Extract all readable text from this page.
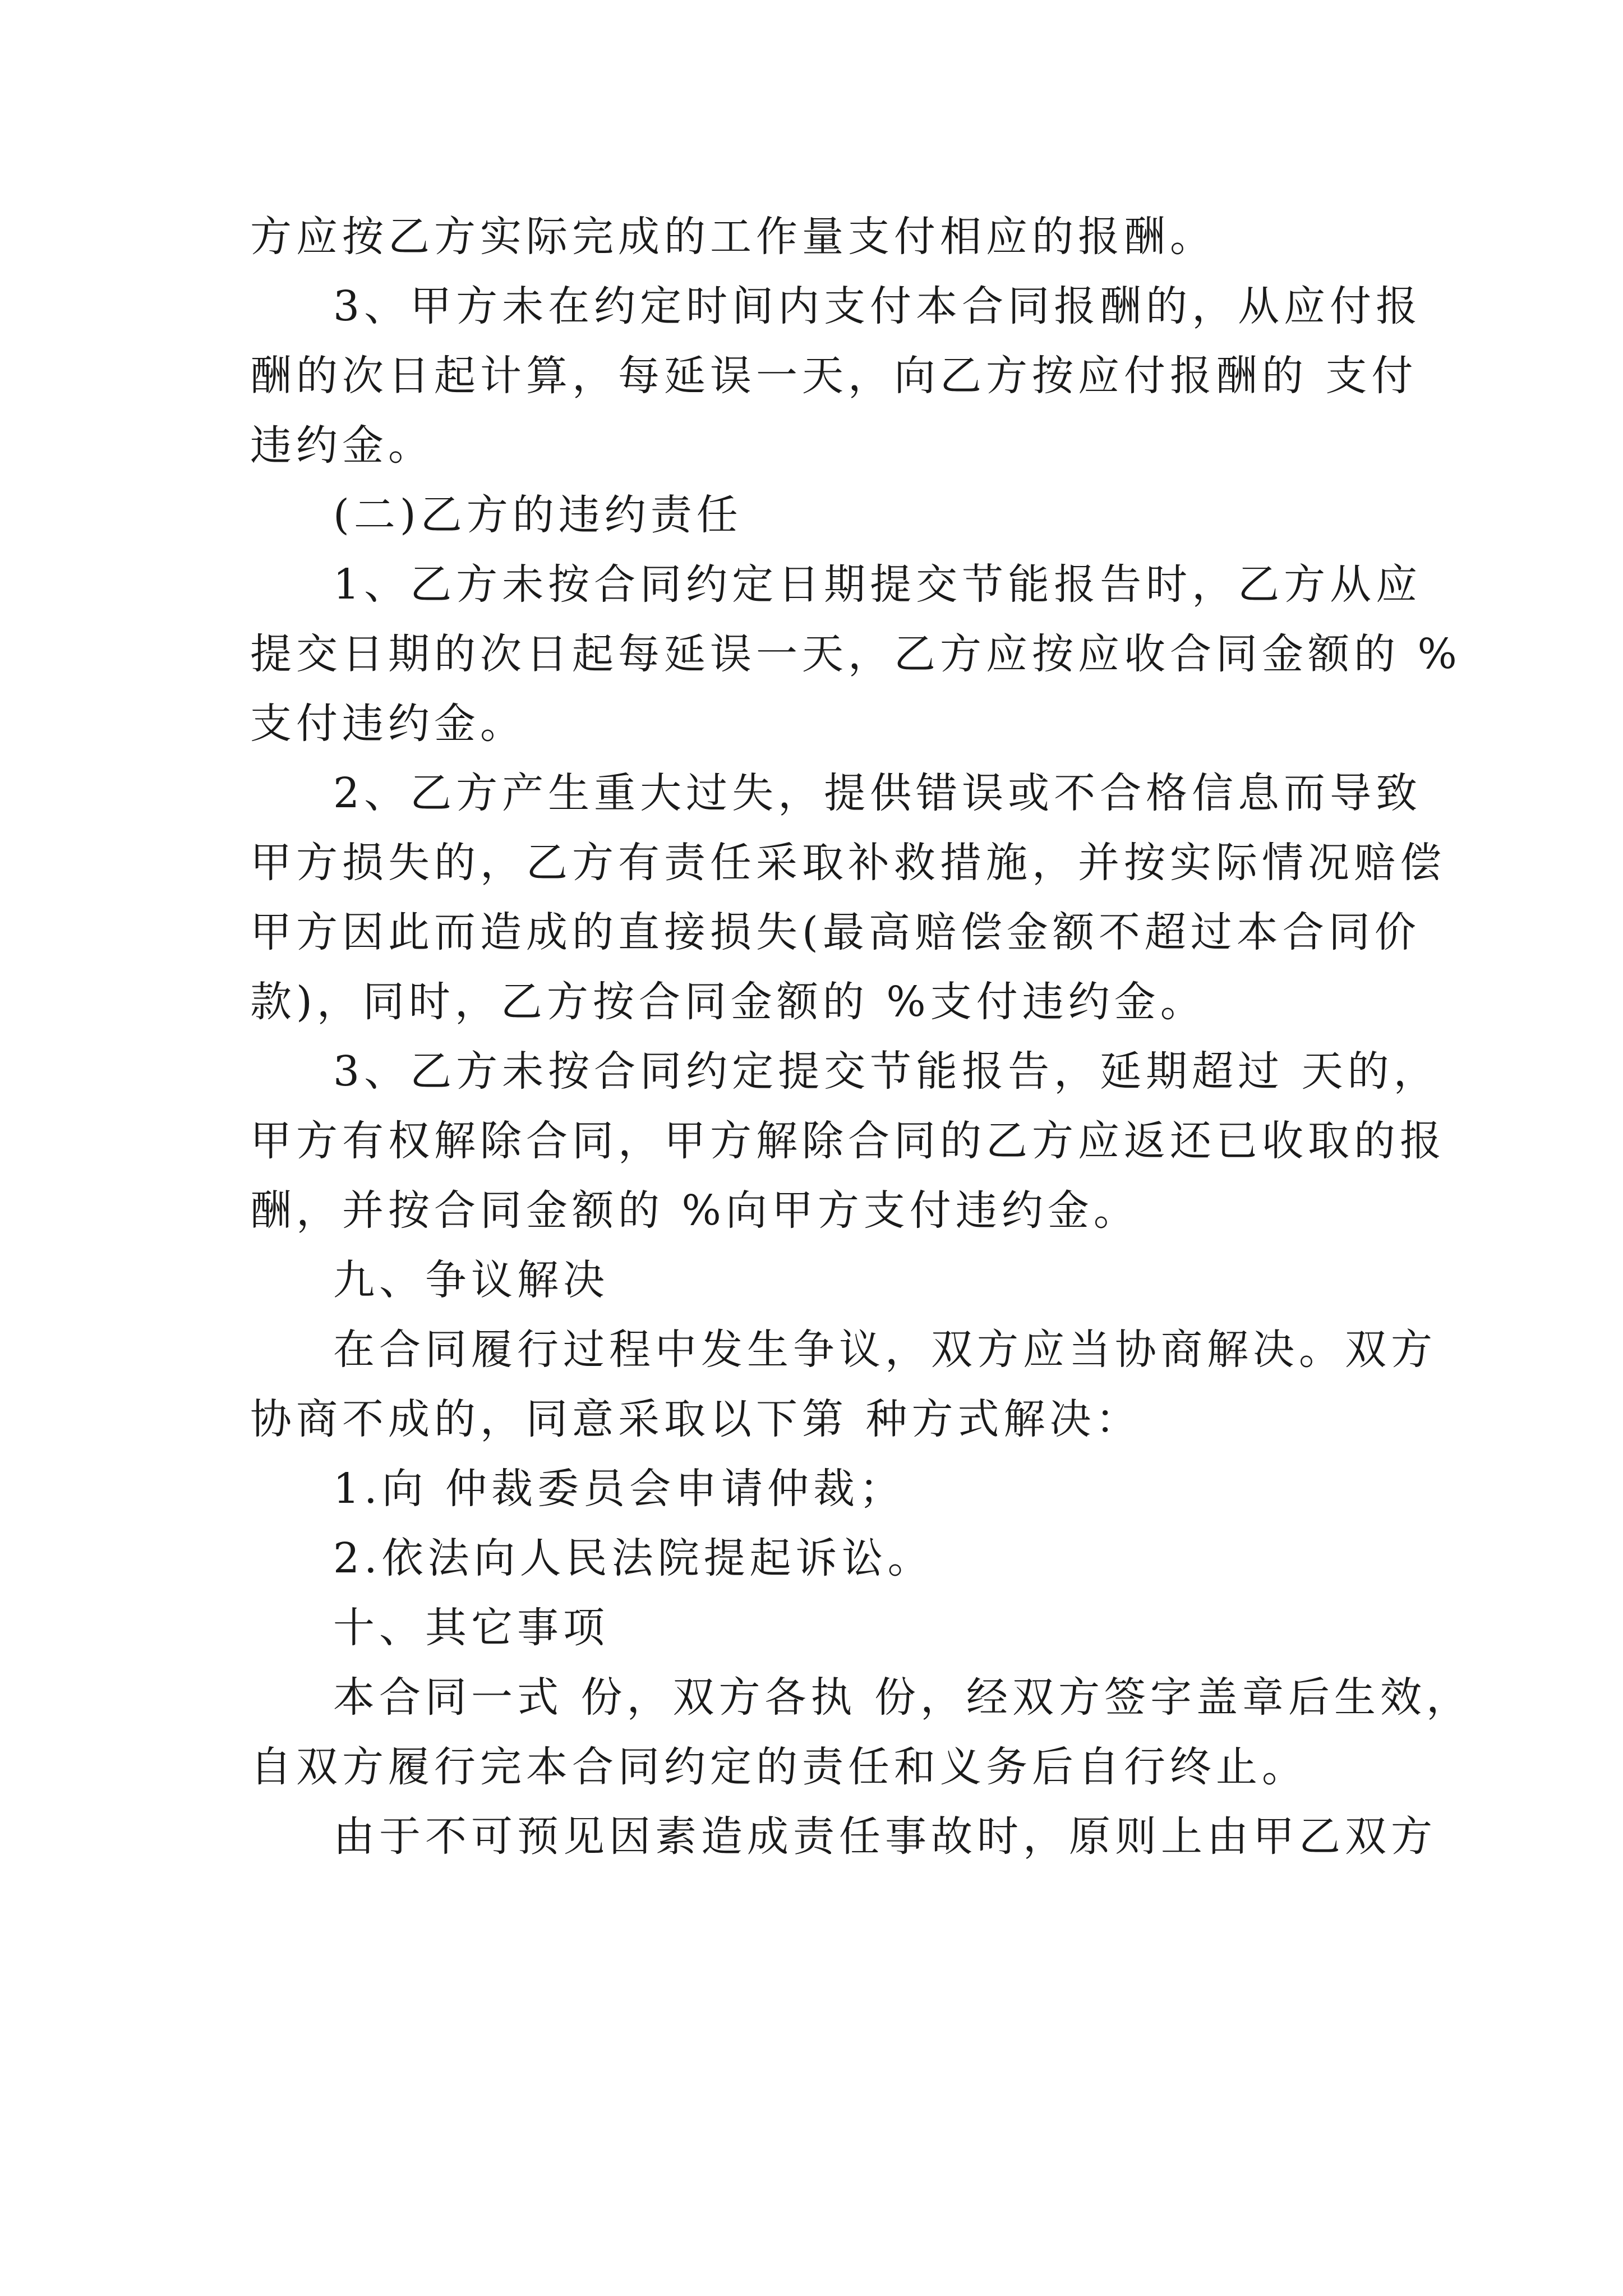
方应按乙方实际完成的工作量支付相应的报酬。
3、甲方未在约定时间内支付本合同报酬的，从应付报
酬的次日起计算，每延误一天，向乙方按应付报酬的 支付
违约金。
(二)乙方的违约责任
1、乙方未按合同约定日期提交节能报告时，乙方从应
提交日期的次日起每延误一天，乙方应按应收合同金额的 %
支付违约金。
2、乙方产生重大过失，提供错误或不合格信息而导致
甲方损失的，乙方有责任采取补救措施，并按实际情况赔偿
甲方因此而造成的直接损失(最高赔偿金额不超过本合同价
款)，同时，乙方按合同金额的 %支付违约金。
3、乙方未按合同约定提交节能报告，延期超过 天的，
甲方有权解除合同，甲方解除合同的乙方应返还已收取的报
酬，并按合同金额的 %向甲方支付违约金。
九、争议解决
在合同履行过程中发生争议，双方应当协商解决。双方
协商不成的，同意采取以下第 种方式解决：
1.向 仲裁委员会申请仲裁；
2.依法向人民法院提起诉讼。
十、其它事项
本合同一式 份，双方各执 份，经双方签字盖章后生效，
自双方履行完本合同约定的责任和义务后自行终止。
由于不可预见因素造成责任事故时，原则上由甲乙双方
